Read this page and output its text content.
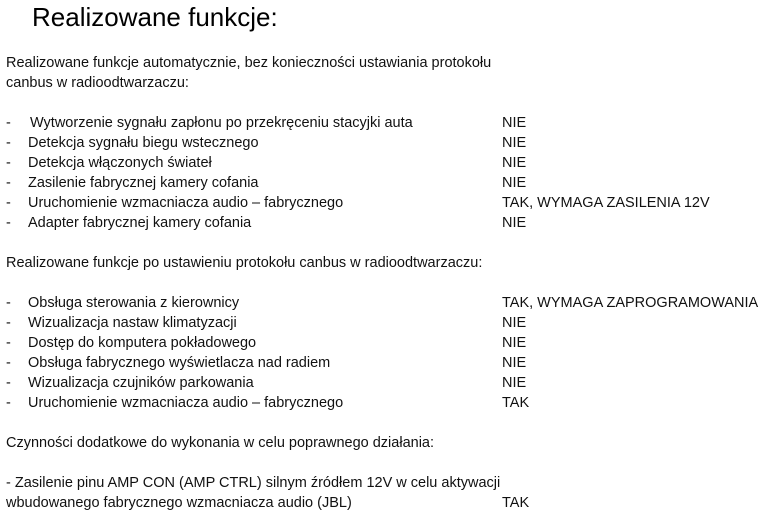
Realizowane funkcje:
Realizowane funkcje automatycznie, bez konieczności ustawiania protokołu
canbus w radioodtwarzaczu:
- Wytworzenie sygnału zapłonu po przekręceniu stacyjki auta	NIE
- Detekcja sygnału biegu wstecznego	NIE
- Detekcja włączonych świateł	NIE
- Zasilenie fabrycznej kamery cofania	NIE
- Uruchomienie wzmacniacza audio – fabrycznego	TAK, WYMAGA ZASILENIA 12V
- Adapter fabrycznej kamery cofania	NIE
Realizowane funkcje po ustawieniu protokołu canbus w radioodtwarzaczu:
- Obsługa sterowania z kierownicy	TAK, WYMAGA ZAPROGRAMOWANIA
- Wizualizacja nastaw klimatyzacji	NIE
- Dostęp do komputera pokładowego	NIE
- Obsługa fabrycznego wyświetlacza nad radiem	NIE
- Wizualizacja czujników parkowania	NIE
- Uruchomienie wzmacniacza audio – fabrycznego	TAK
Czynności dodatkowe do wykonania w celu poprawnego działania:
- Zasilenie pinu AMP CON (AMP CTRL) silnym źródłem 12V w celu aktywacji
wbudowanego fabrycznego wzmacniacza audio (JBL)	TAK
